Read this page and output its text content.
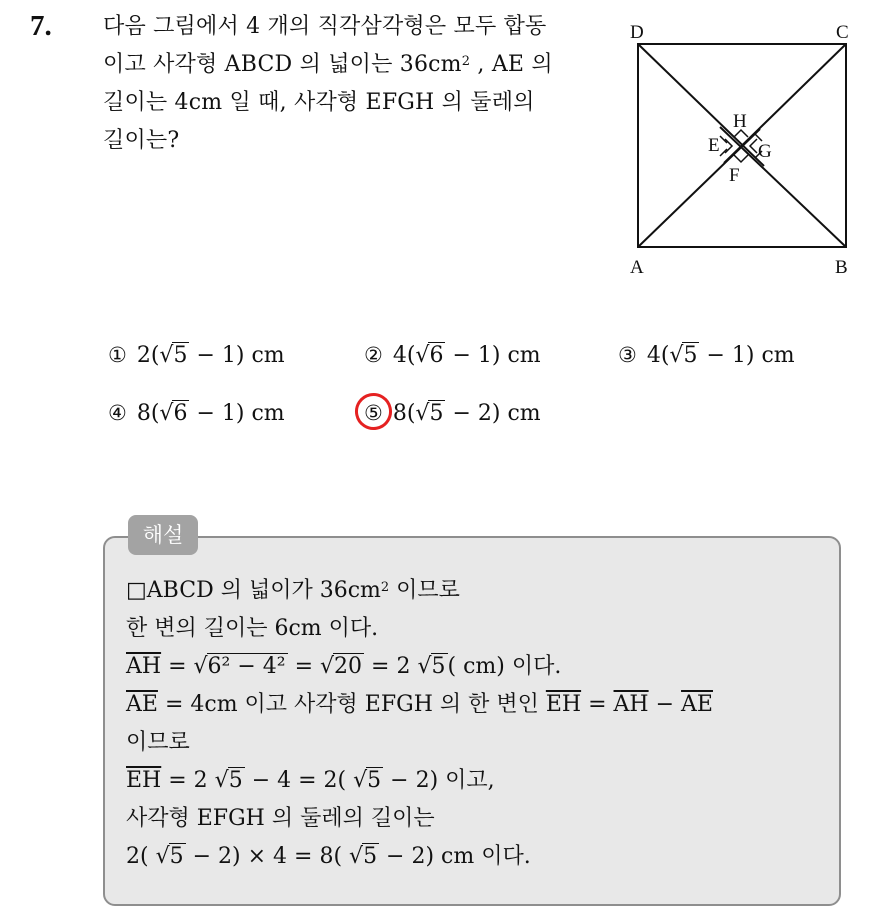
7. 다음 그림에서 4 개의 직각삼각형은 모두 합동
이고 사각형 ABCD 의 넓이는 $36cm^2$ , AE 의
길이는 4cm 일 때, 사각형 EFGH 의 둘레의
길이는?
D	C
A	B
H
E G
F
① 2(√5 − 1) cm	② 4(√6 − 1) cm	③ 4(√5 − 1) cm
④ 8(√6 − 1) cm	⑤ 8(√5 − 2) cm
해설
□ABCD 의 넓이가 $36cm^2$ 이므로
한 변의 길이는 6cm 이다.
$\overline{AH} = √6^2 - 4^2 = √20 = 2$ √5( cm) 이다.
$\overline{AE} = 4cm$ 이고 사각형 EFGH 의 한 변인 $\overline{EH} = \overline{AH} - \overline{AE}$
이므로
$\overline{EH} = 2$ √5 − 4 = 2( √5 − 2) 이고,
사각형 EFGH 의 둘레의 길이는
2( √5 − 2) × 4 = 8( √5 − 2) cm 이다.
